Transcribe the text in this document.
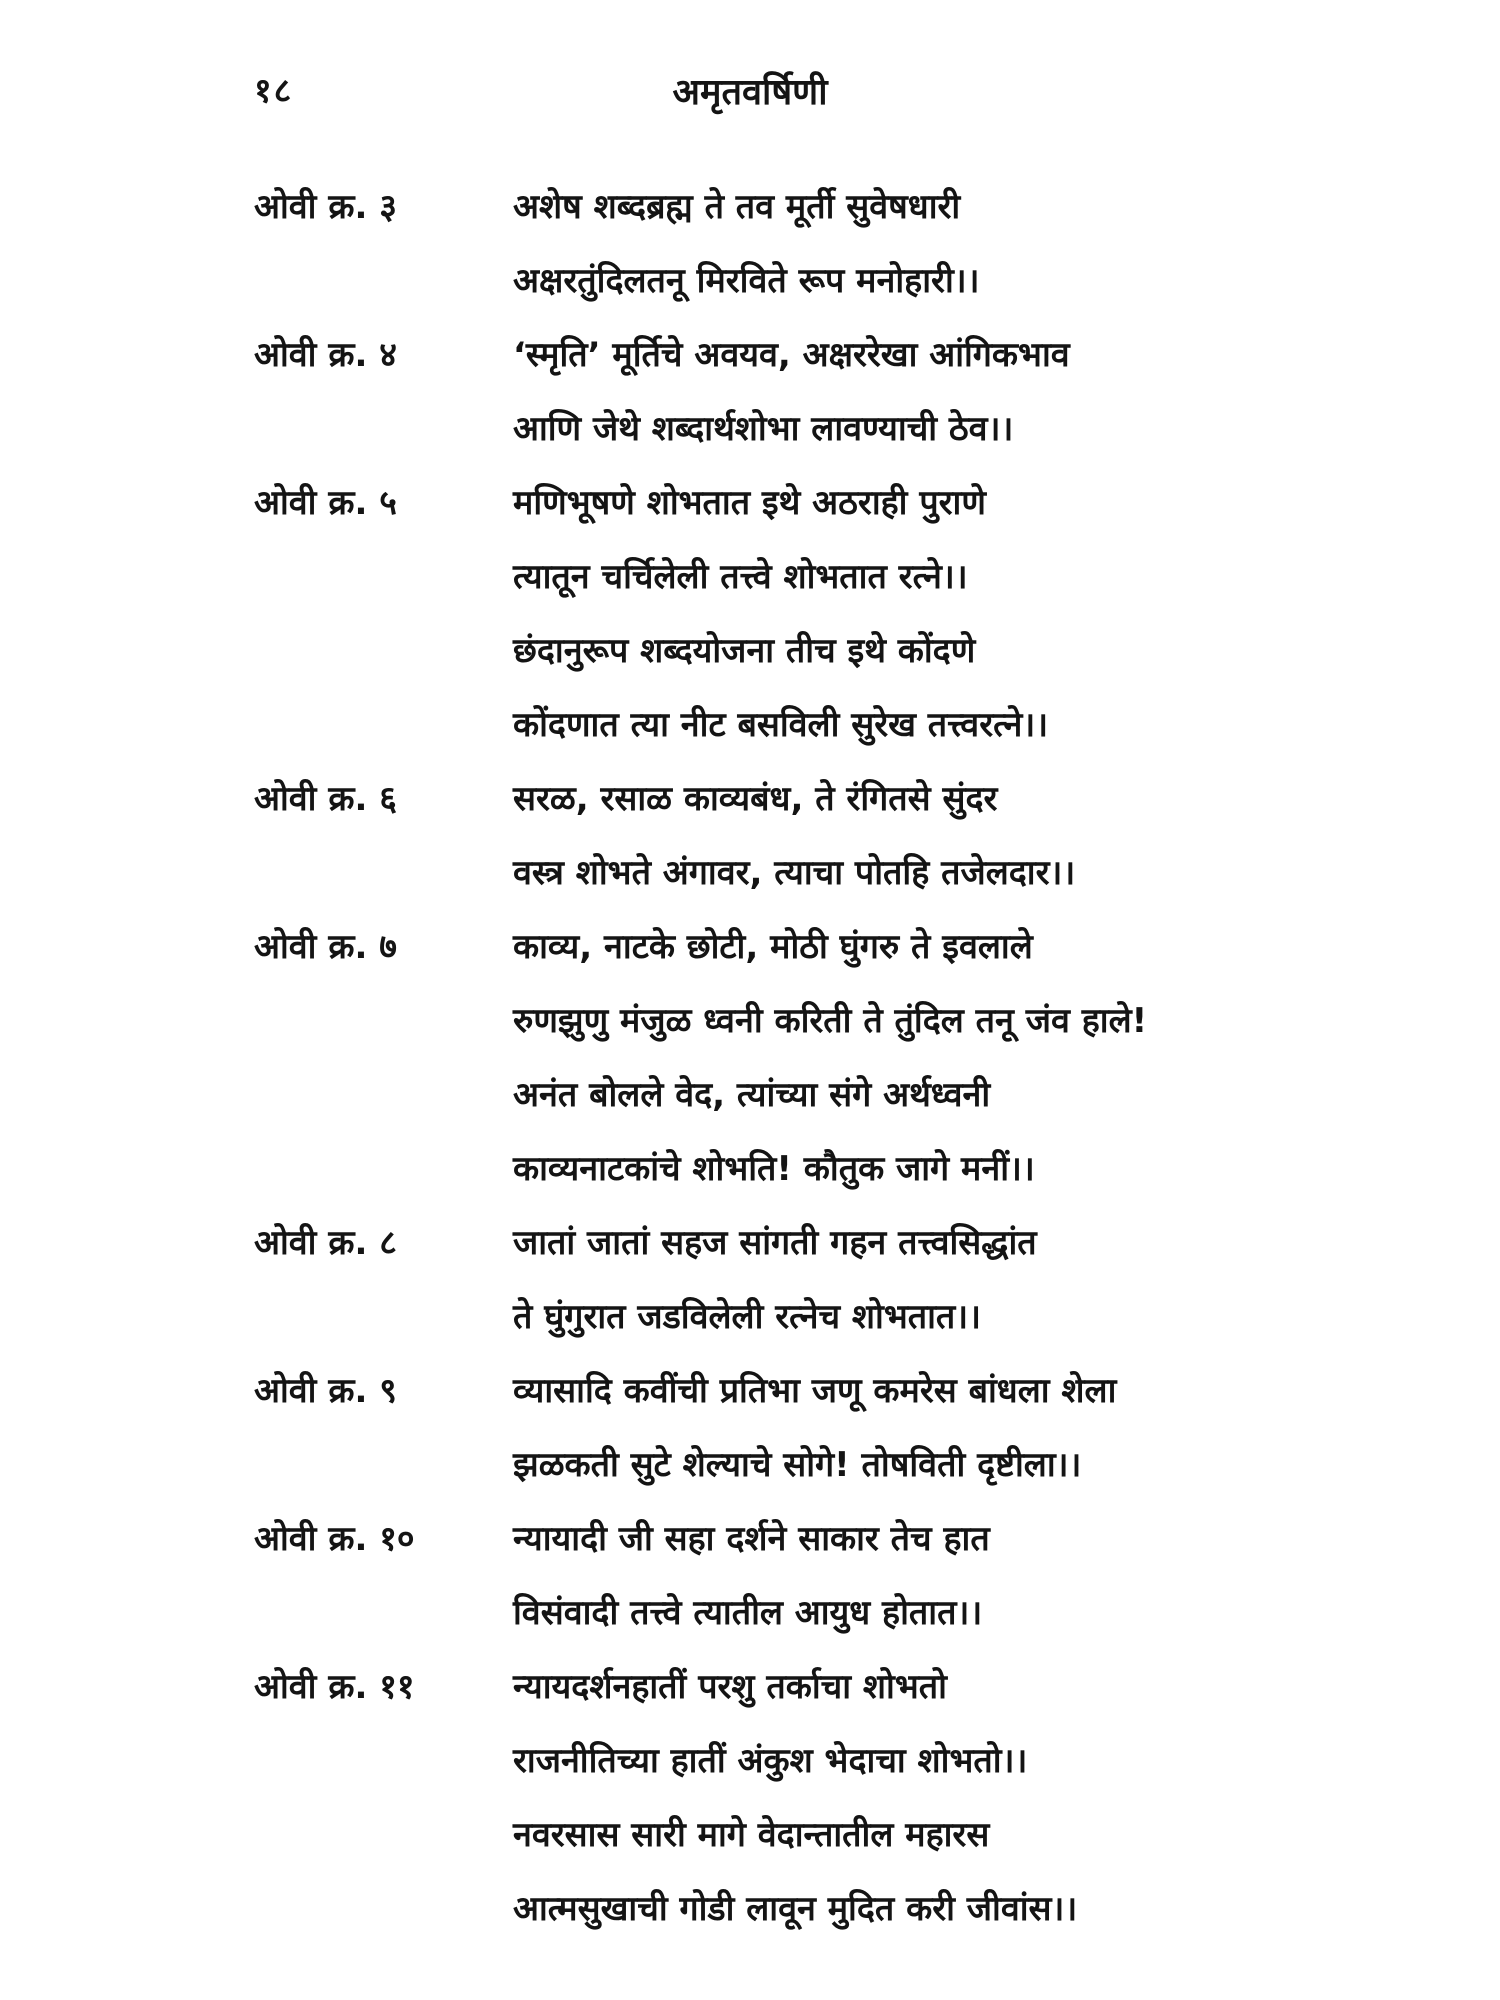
१८	अमृतवर्षिणी
ओवी क्र. ३	अशेष शब्दब्रह्म ते तव मूर्ती सुवेषधारी
अक्षरतुंदिलतनू मिरविते रूप मनोहारी।।
ओवी क्र. ४	‘स्मृति’ मूर्तिचे अवयव, अक्षररेखा आंगिकभाव
आणि जेथे शब्दार्थशोभा लावण्याची ठेव।।
ओवी क्र. ५	मणिभूषणे शोभतात इथे अठराही पुराणे
त्यातून चर्चिलेली तत्त्वे शोभतात रत्ने।।
छंदानुरूप शब्दयोजना तीच इथे कोंदणे
कोंदणात त्या नीट बसविली सुरेख तत्त्वरत्ने।।
ओवी क्र. ६	सरळ, रसाळ काव्यबंध, ते रंगितसे सुंदर
वस्त्र शोभते अंगावर, त्याचा पोतहि तजेलदार।।
ओवी क्र. ७	काव्य, नाटके छोटी, मोठी घुंगरु ते इवलाले
रुणझुणु मंजुळ ध्वनी करिती ते तुंदिल तनू जंव हाले!
अनंत बोलले वेद, त्यांच्या संगे अर्थध्वनी
काव्यनाटकांचे शोभति! कौतुक जागे मनीं।।
ओवी क्र. ८	जातां जातां सहज सांगती गहन तत्त्वसिद्धांत
ते घुंगुरात जडविलेली रत्नेच शोभतात।।
ओवी क्र. ९	व्यासादि कवींची प्रतिभा जणू कमरेस बांधला शेला
झळकती सुटे शेल्याचे सोगे! तोषविती दृष्टीला।।
ओवी क्र. १०	न्यायादी जी सहा दर्शने साकार तेच हात
विसंवादी तत्त्वे त्यातील आयुध होतात।।
ओवी क्र. ११	न्यायदर्शनहातीं परशु तर्काचा शोभतो
राजनीतिच्या हातीं अंकुश भेदाचा शोभतो।।
नवरसास सारी मागे वेदान्तातील महारस
आत्मसुखाची गोडी लावून मुदित करी जीवांस।।
